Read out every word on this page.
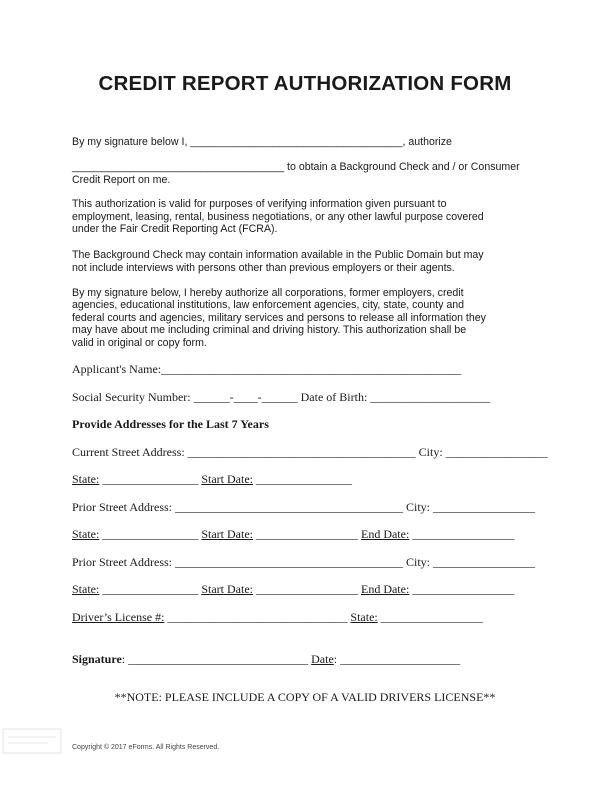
CREDIT REPORT AUTHORIZATION FORM
By my signature below I, ____________________________________, authorize
____________________________________ to obtain a Background Check and / or Consumer
Credit Report on me.
This authorization is valid for purposes of verifying information given pursuant to
employment, leasing, rental, business negotiations, or any other lawful purpose covered
under the Fair Credit Reporting Act (FCRA).
The Background Check may contain information available in the Public Domain but may
not include interviews with persons other than previous employers or their agents.
By my signature below, I hereby authorize all corporations, former employers, credit
agencies, educational institutions, law enforcement agencies, city, state, county and
federal courts and agencies, military services and persons to release all information they
may have about me including criminal and driving history. This authorization shall be
valid in original or copy form.
Applicant's Name:__________________________________________________
Social Security Number: ______-____-______ Date of Birth: ____________________
Provide Addresses for the Last 7 Years
Current Street Address: ______________________________________ City: _________________
State: ________________ Start Date: ________________
Prior Street Address: ______________________________________ City: _________________
State: ________________ Start Date: _________________ End Date: _________________
Prior Street Address: ______________________________________ City: _________________
State: ________________ Start Date: _________________ End Date: _________________
Driver’s License #: ______________________________ State: _________________
Signature: ______________________________ Date: ____________________
**NOTE: PLEASE INCLUDE A COPY OF A VALID DRIVERS LICENSE**
Copyright © 2017 eForms. All Rights Reserved.
